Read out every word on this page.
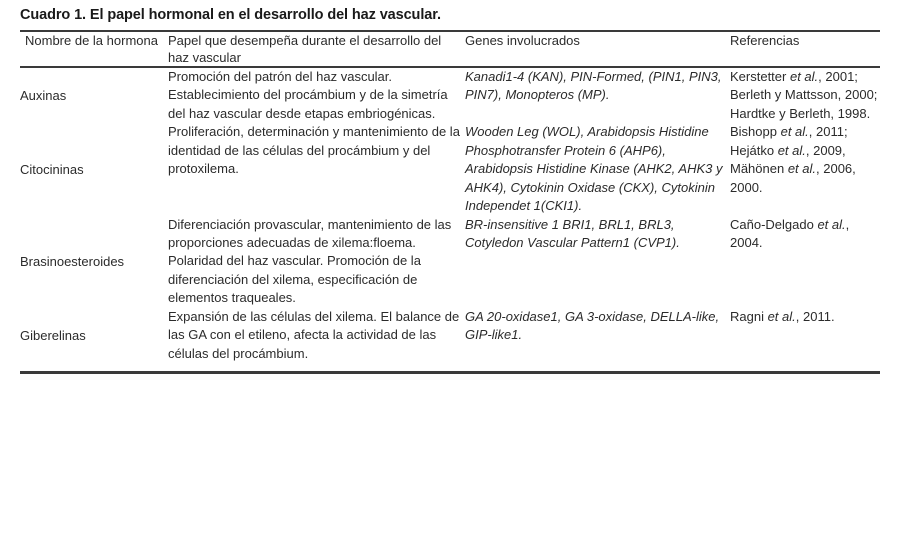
Cuadro 1. El papel hormonal en el desarrollo del haz vascular.
Nombre de la hormona	Papel que desempeña durante el desarrollo del haz vascular	Genes involucrados	Referencias
Auxinas	Promoción del patrón del haz vascular. Establecimiento del procámbium y de la simetría del haz vascular desde etapas embriogénicas.	Kanadi1-4 (KAN), PIN-Formed, (PIN1, PIN3, PIN7), Monopteros (MP).	Kerstetter et al., 2001; Berleth y Mattsson, 2000; Hardtke y Berleth, 1998.
Citocininas	Proliferación, determinación y mantenimiento de la identidad de las células del procámbium y del protoxilema.	Wooden Leg (WOL), Arabidopsis Histidine Phosphotransfer Protein 6 (AHP6), Arabidopsis Histidine Kinase (AHK2, AHK3 y AHK4), Cytokinin Oxidase (CKX), Cytokinin Independet 1(CKI1).	Bishopp et al., 2011; Hejátko et al., 2009, Mähönen et al., 2006, 2000.
Brasinoesteroides	Diferenciación provascular, mantenimiento de las proporciones adecuadas de xilema:floema. Polaridad del haz vascular. Promoción de la diferenciación del xilema, especificación de elementos traqueales.	BR-insensitive 1 BRI1, BRL1, BRL3, Cotyledon Vascular Pattern1 (CVP1).	Caño-Delgado et al., 2004.
Giberelinas	Expansión de las células del xilema. El balance de las GA con el etileno, afecta la actividad de las células del procámbium.	GA 20-oxidase1, GA 3-oxidase, DELLA-like, GIP-like1.	Ragni et al., 2011.
